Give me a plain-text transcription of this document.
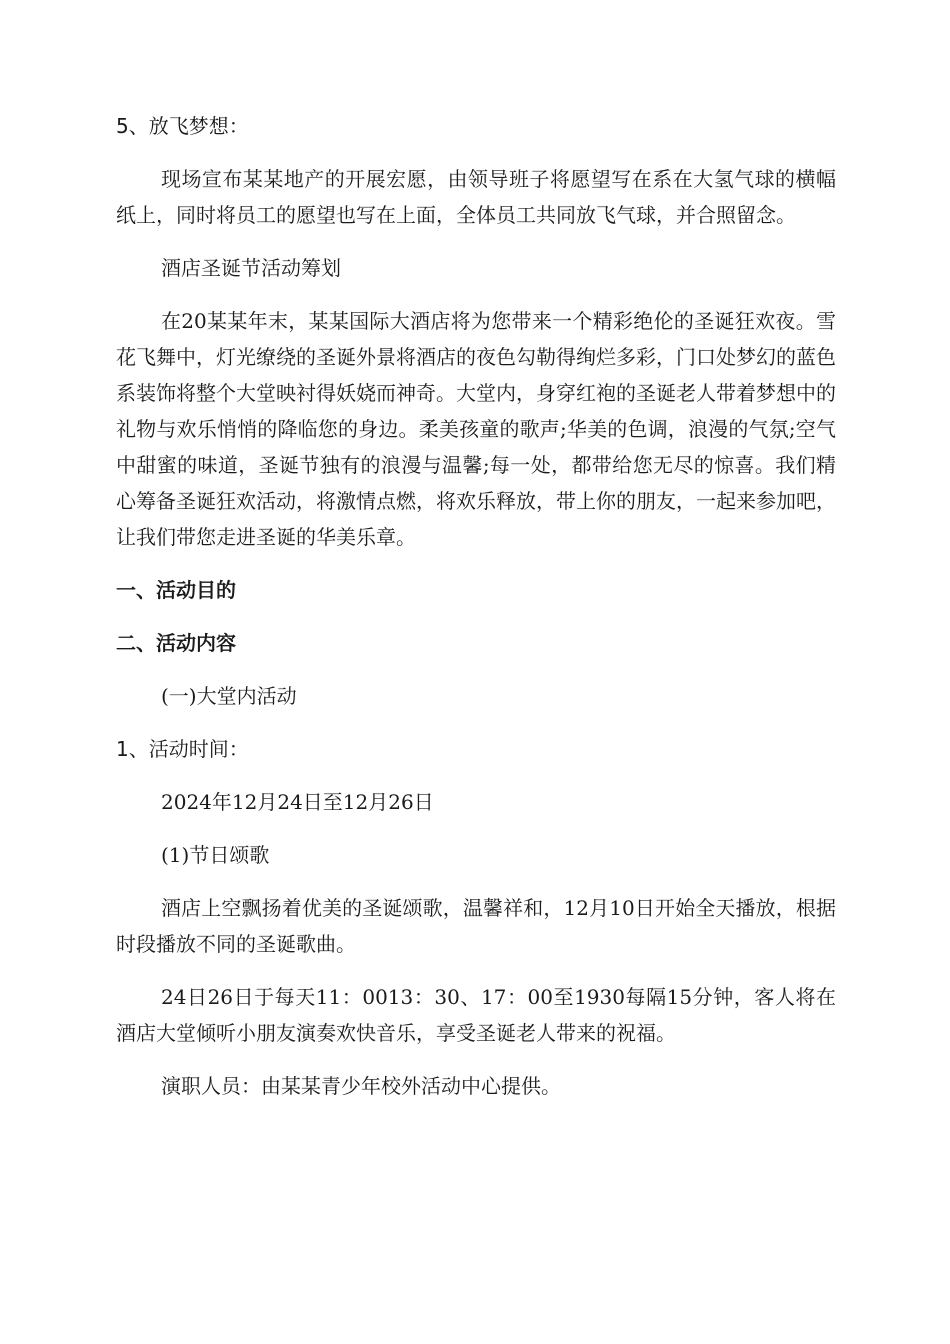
5、放飞梦想：

现场宣布某某地产的开展宏愿，由领导班子将愿望写在系在大氢气球的横幅纸上，同时将员工的愿望也写在上面，全体员工共同放飞气球，并合照留念。

酒店圣诞节活动筹划

在20某某年末，某某国际大酒店将为您带来一个精彩绝伦的圣诞狂欢夜。雪花飞舞中，灯光缭绕的圣诞外景将酒店的夜色勾勒得绚烂多彩，门口处梦幻的蓝色系装饰将整个大堂映衬得妖娆而神奇。大堂内，身穿红袍的圣诞老人带着梦想中的礼物与欢乐悄悄的降临您的身边。柔美孩童的歌声;华美的色调，浪漫的气氛;空气中甜蜜的味道，圣诞节独有的浪漫与温馨;每一处，都带给您无尽的惊喜。我们精心筹备圣诞狂欢活动，将激情点燃，将欢乐释放，带上你的朋友，一起来参加吧，让我们带您走进圣诞的华美乐章。

一、活动目的

二、活动内容

(一)大堂内活动

1、活动时间：

2024年12月24日至12月26日

(1)节日颂歌

酒店上空飘扬着优美的圣诞颂歌，温馨祥和，12月10日开始全天播放，根据时段播放不同的圣诞歌曲。

24日26日于每天11：0013：30、17：00至1930每隔15分钟，客人将在酒店大堂倾听小朋友演奏欢快音乐，享受圣诞老人带来的祝福。

演职人员：由某某青少年校外活动中心提供。
